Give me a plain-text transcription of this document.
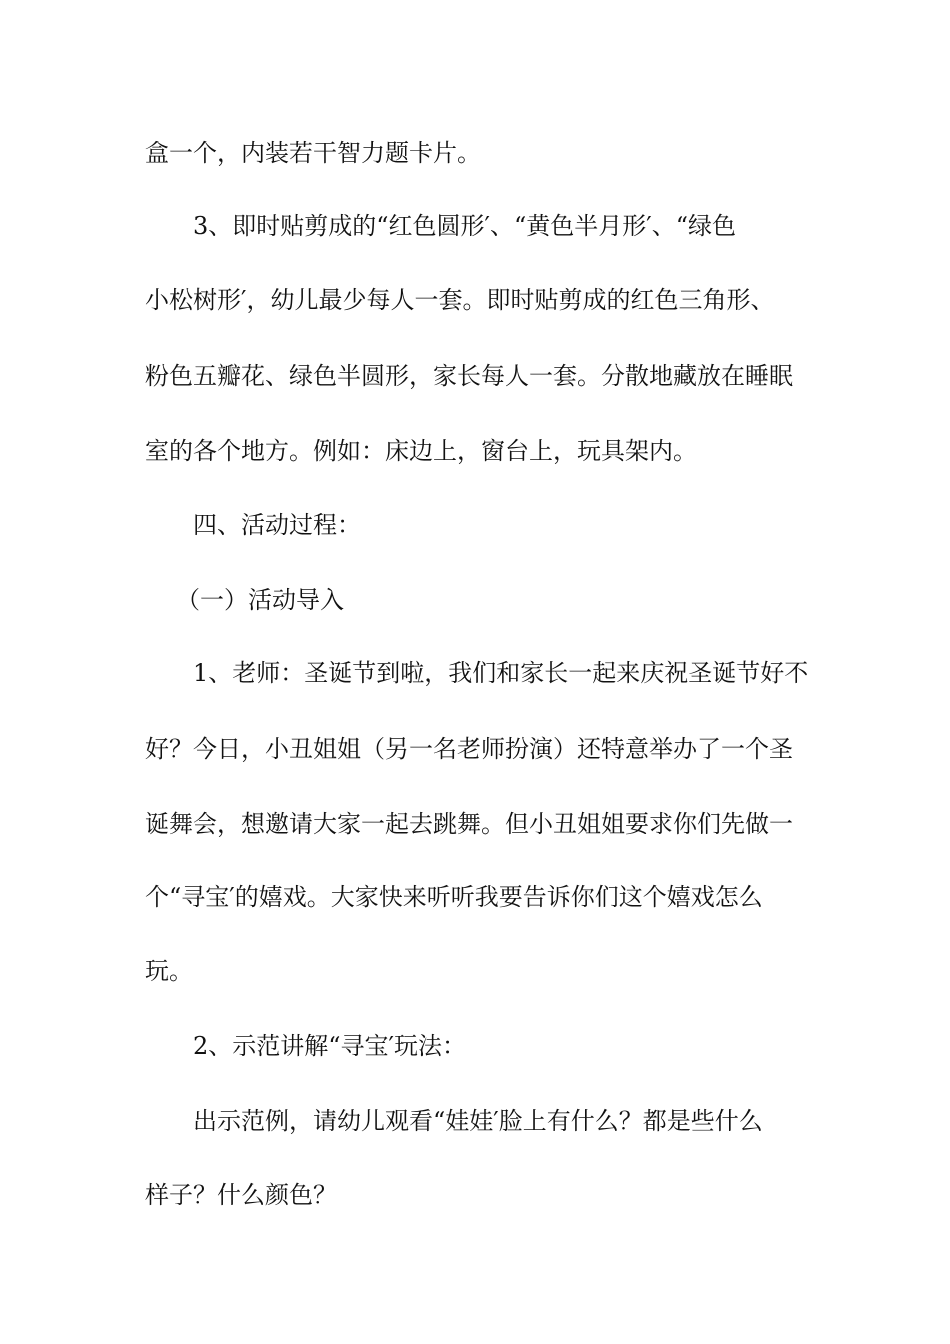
盒一个，内装若干智力题卡片。
3、即时贴剪成的“红色圆形′、“黄色半月形′、“绿色
小松树形′，幼儿最少每人一套。即时贴剪成的红色三角形、
粉色五瓣花、绿色半圆形，家长每人一套。分散地藏放在睡眠
室的各个地方。例如：床边上，窗台上，玩具架内。
四、活动过程：
（一）活动导入
1、老师：圣诞节到啦，我们和家长一起来庆祝圣诞节好不
好？今日，小丑姐姐（另一名老师扮演）还特意举办了一个圣
诞舞会，想邀请大家一起去跳舞。但小丑姐姐要求你们先做一
个“寻宝′的嬉戏。大家快来听听我要告诉你们这个嬉戏怎么
玩。
2、示范讲解“寻宝′玩法：
出示范例，请幼儿观看“娃娃′脸上有什么？都是些什么
样子？什么颜色？
